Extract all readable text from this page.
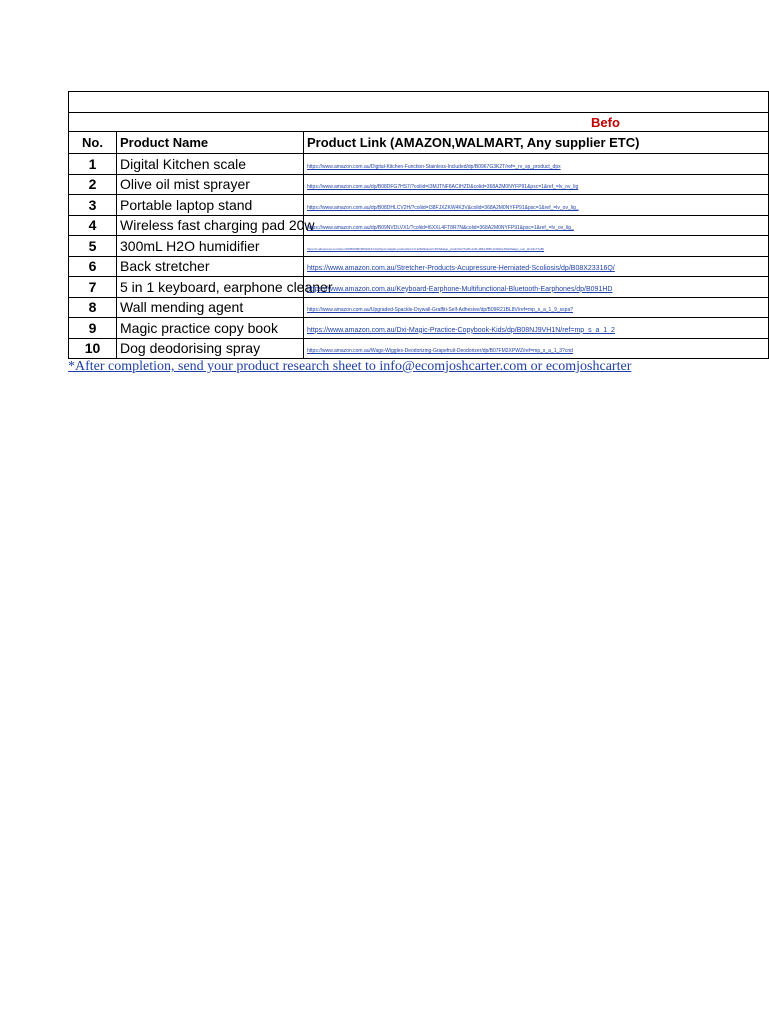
Befo		
No.	Product Name	Product Link (AMAZON,WALMART, Any supplier ETC)
1	Digital Kitchen scale	https://www.amazon.com.au/Digital-Kitchen-Function-Stainless-Included/dp/B0967G3K2T/ref=_rv_sp_product_dpx
2	Olive oil mist sprayer	https://www.amazon.com.au/dp/B08DFG7HS7/?coliid=I3MJTNF8ACIHZD&colid=368A2M0NYFP91&psc=1&ref_=lv_ov_lig
3	Portable laptop stand	https://www.amazon.com.au/dp/B08DHLCV2H/?coliid=I38FJXZKW4K3V&colid=368A2M0NYFP91&psc=1&ref_=lv_ov_lig_
4	Wireless fast charging pad 20w	https://www.amazon.com.au/dp/B09NVDLVX1/?coliid=I6XXL4FT8R7N&colid=368A2M0NYFP91&psc=1&ref_=lv_ov_lig_
5	300mL H2O humidifier	https://s.aliexpress.com/item/1005003879601016.html?spm=a2g0o.productlist.0.0.3d6a5e2eCC4fC6&algo_pvid=24c77e8b-a1fb-4823-8f25-3cf2d2e7f0a3&algo_exp_id=24c77e8b
6	Back stretcher	https://www.amazon.com.au/Stretcher-Products-Acupressure-Herniated-Scoliosis/dp/B08X23316Q/
7	5 in 1 keyboard, earphone cleaner	https://www.amazon.com.au/Keyboard-Earphone-Multifunctional-Bluetooth-Earphones/dp/B091HD
8	Wall mending agent	https://www.amazon.com.au/Upgraded-Spackle-Drywall-Graffiti-Self-Adhesive/dp/B09R21BL8V/ref=mp_s_a_1_9_sspa?
9	Magic practice copy book	https://www.amazon.com.au/Dxi-Magic-Practice-Copybook-Kids/dp/B08NJ9VH1N/ref=mp_s_a_1_2
10	Dog deodorising spray	https://www.amazon.com.au/Wags-Wiggles-Deodorizing-Grapefruit-Deodorizer/dp/B07FM2XPWZ/ref=mp_s_a_1_3?crid
*After completion, send your product research sheet to info@ecomjoshcarter.com or ecomjoshcarter
